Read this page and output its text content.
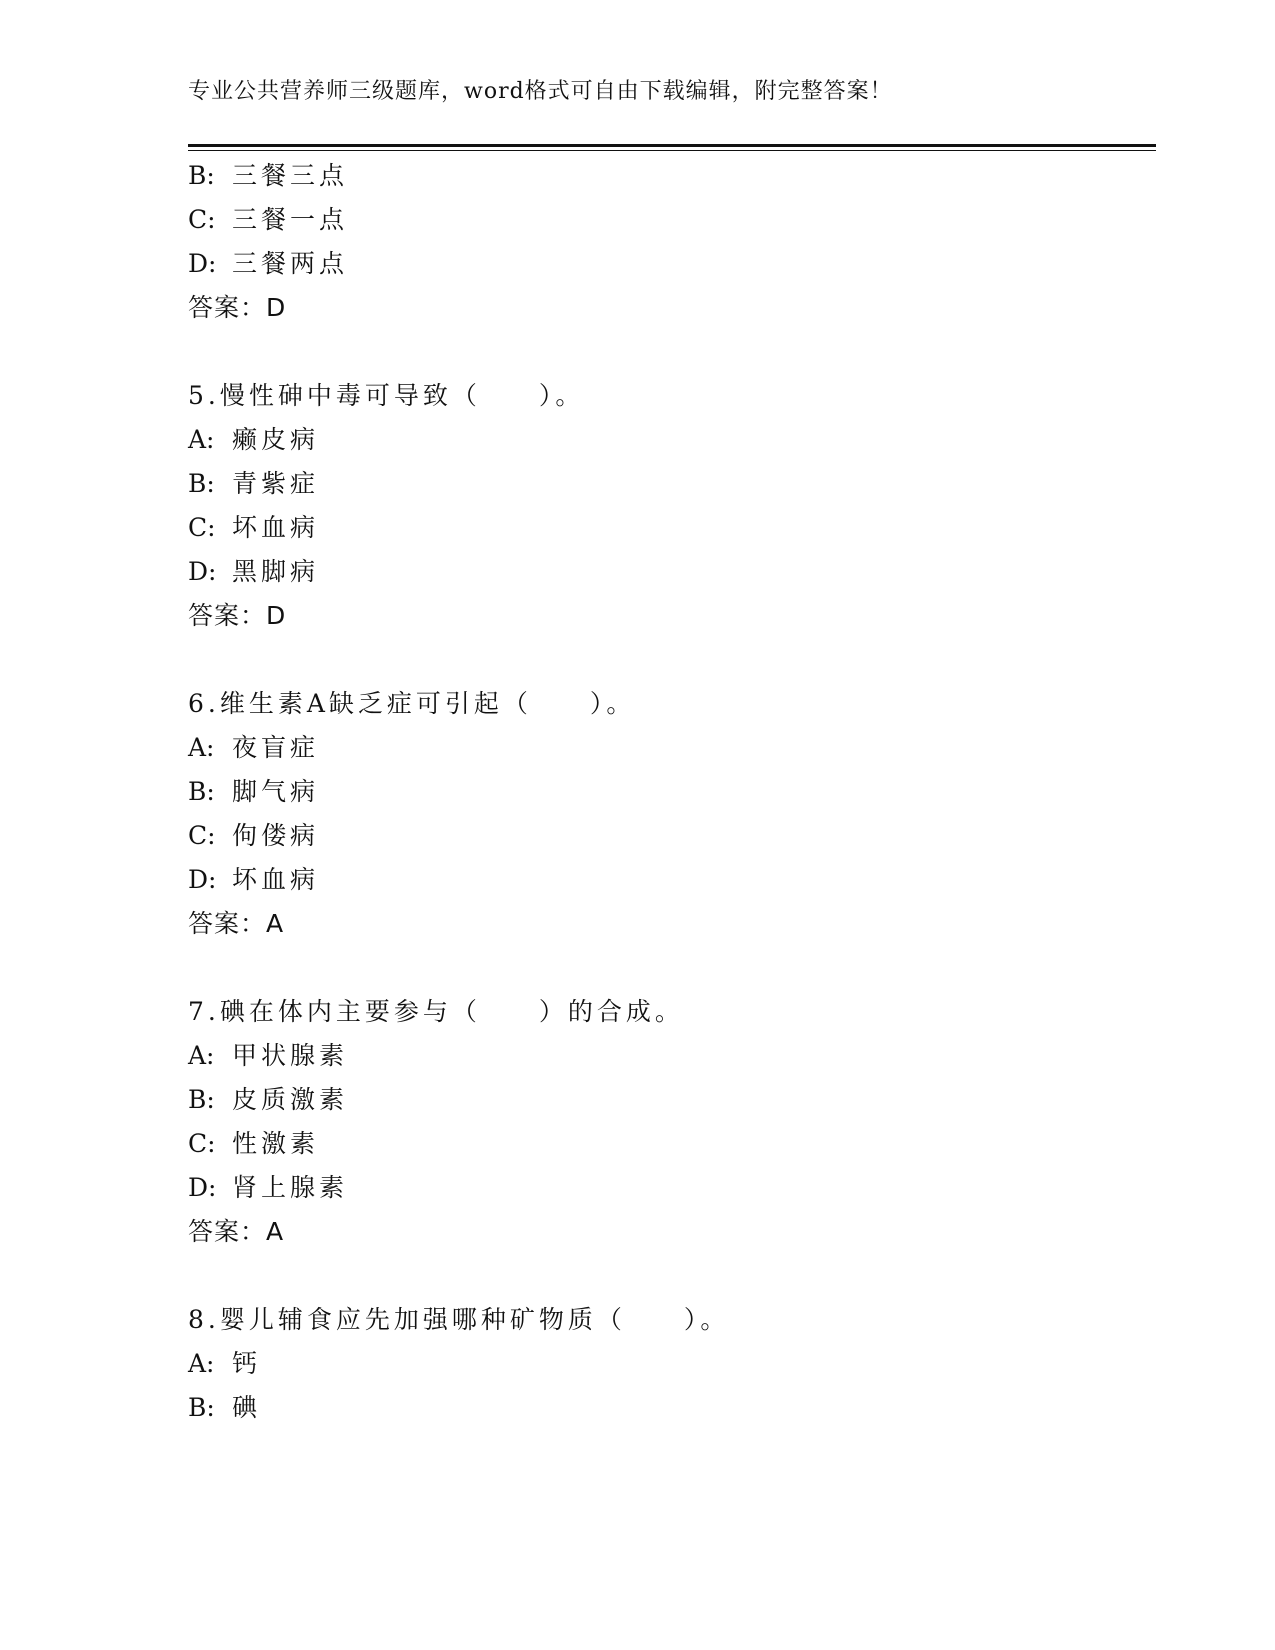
专业公共营养师三级题库，word格式可自由下载编辑，附完整答案！
B: 三餐三点
C: 三餐一点
D: 三餐两点
答案：D
5.慢性砷中毒可导致（　　）。
A: 癞皮病
B: 青紫症
C: 坏血病
D: 黑脚病
答案：D
6.维生素A缺乏症可引起（　　）。
A: 夜盲症
B: 脚气病
C: 佝偻病
D: 坏血病
答案：A
7.碘在体内主要参与（　　）的合成。
A: 甲状腺素
B: 皮质激素
C: 性激素
D: 肾上腺素
答案：A
8.婴儿辅食应先加强哪种矿物质（　　）。
A: 钙
B: 碘
